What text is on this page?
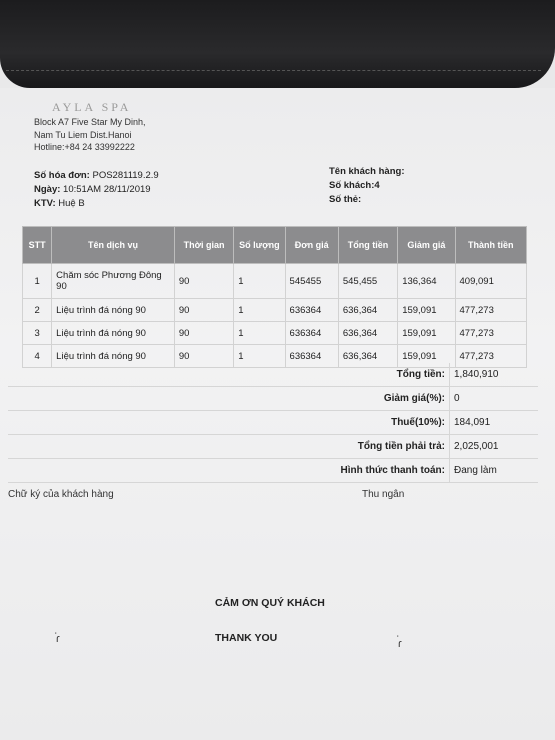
AYLA SPA
Block A7 Five Star My Dinh,
Nam Tu Liem Dist.Hanoi
Hotline:+84 24 33992222
Số hóa đơn: POS281119.2.9
Ngày: 10:51AM 28/11/2019
KTV: Huệ B
Tên khách hàng:
Số khách:4
Số thẻ:
STT	Tên dịch vụ	Thời gian	Số lượng	Đơn giá	Tổng tiền	Giảm giá	Thành tiền
1	Chăm sóc Phương Đông 90	90	1	545455	545,455	136,364	409,091
2	Liệu trình đá nóng 90	90	1	636364	636,364	159,091	477,273
3	Liệu trình đá nóng 90	90	1	636364	636,364	159,091	477,273
4	Liệu trình đá nóng 90	90	1	636364	636,364	159,091	477,273
Tổng tiền: 1,840,910
Giảm giá(%): 0
Thuế(10%): 184,091
Tổng tiền phải trả: 2,025,001
Hình thức thanh toán: Đang làm
Chữ ký của khách hàng	Thu ngân
CẢM ƠN QUÝ KHÁCH
THANK YOU
ˌ
ɾ
ˌ
ɾ
